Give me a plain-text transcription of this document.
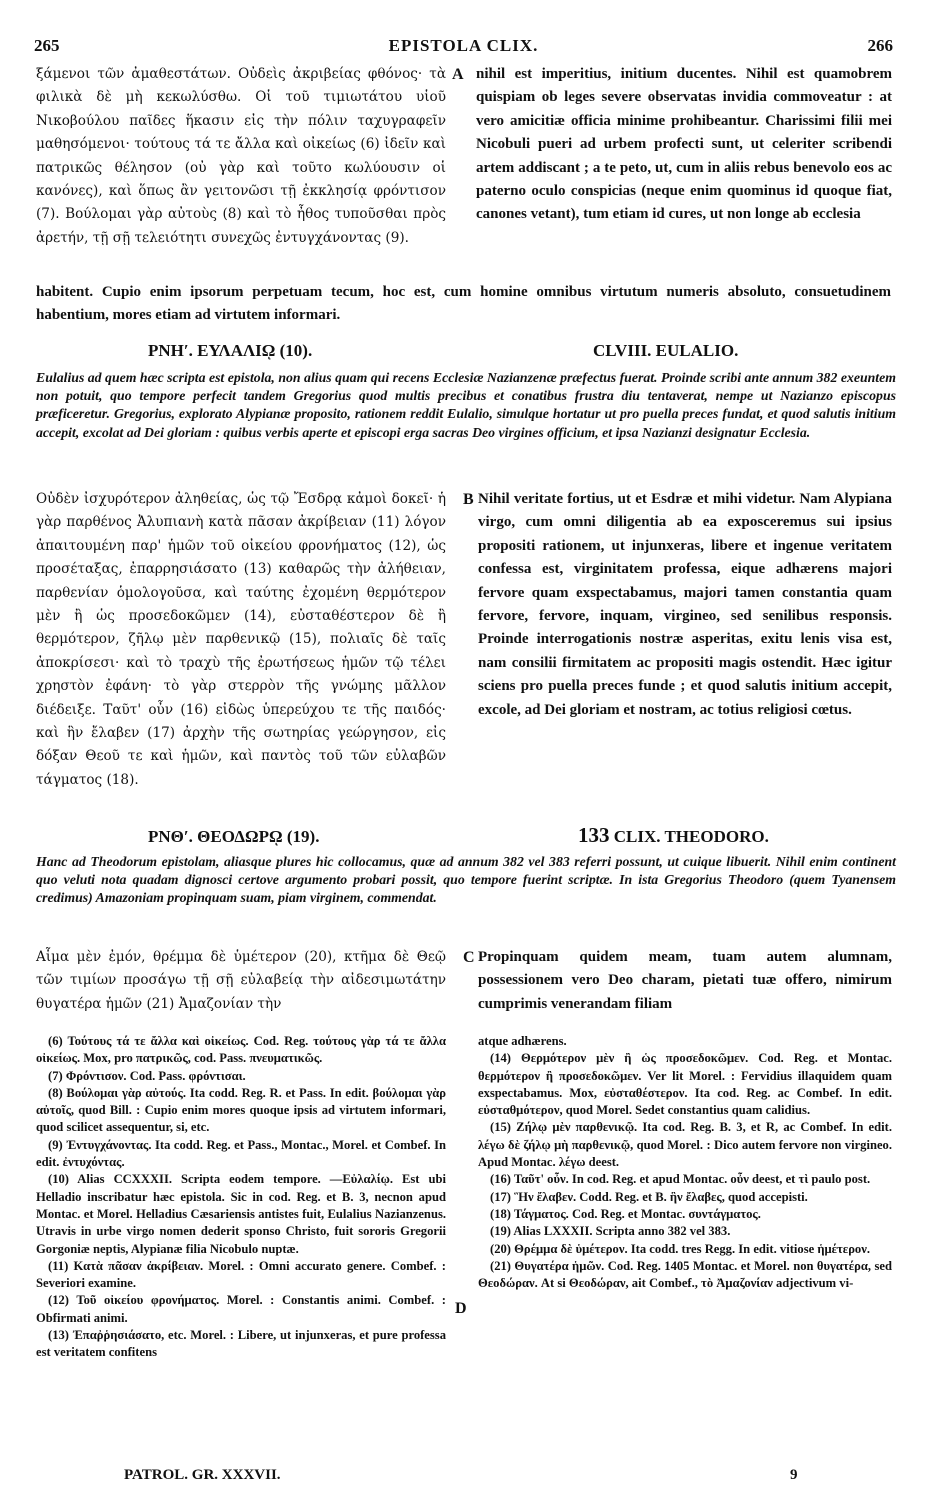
265	EPISTOLA CLIX.	266

ξάμενοι τῶν ἀμαθεστάτων. Οὐδεὶς ἀκριβείας φθόνος· τὰ φιλικὰ δὲ μὴ κεκωλύσθω. Οἱ τοῦ τιμιωτάτου υἱοῦ Νικοβούλου παῖδες ἥκασιν εἰς τὴν πόλιν ταχυγραφεῖν μαθησόμενοι· τούτους τά τε ἄλλα καὶ οἰκείως (6) ἰδεῖν καὶ πατρικῶς θέλησον (οὐ γὰρ καὶ τοῦτο κωλύουσιν οἱ κανόνες), καὶ ὅπως ἂν γειτονῶσι τῇ ἐκκλησίᾳ φρόντισον (7). Βούλομαι γὰρ αὐτοὺς (8) καὶ τὸ ἦθος τυποῦσθαι πρὸς ἀρετήν, τῇ σῇ τελειότητι συνεχῶς ἐντυγχάνοντας (9).

A nihil est imperitius, initium ducentes. Nihil est quamobrem quispiam ob leges severe observatas invidia commoveatur : at vero amicitiæ officia minime prohibeantur. Charissimi filii mei Nicobuli pueri ad urbem profecti sunt, ut celeriter scribendi artem addiscant ; a te peto, ut, cum in aliis rebus benevolo eos ac paterno oculo conspicias (neque enim quominus id quoque fiat, canones vetant), tum etiam id cures, ut non longe ab ecclesia

habitent. Cupio enim ipsorum perpetuam tecum, hoc est, cum homine omnibus virtutum numeris absoluto, consuetudinem habentium, mores etiam ad virtutem informari.
ΡΝΗʹ. ΕΥΛΑΛΙῼ (10).	CLVIII. EULALIO.
Eulalius ad quem hæc scripta est epistola, non alius quam qui recens Ecclesiæ Nazianzenæ præfectus fuerat. Proinde scribi ante annum 382 exeuntem non potuit, quo tempore perfecit tandem Gregorius quod multis precibus et conatibus frustra diu tentaverat, nempe ut Nazianzo episcopus præficeretur. Gregorius, explorato Alypianæ proposito, rationem reddit Eulalio, simulque hortatur ut pro puella preces fundat, et quod salutis initium accepit, excolat ad Dei gloriam : quibus verbis aperte et episcopi erga sacras Deo virgines officium, et ipsa Nazianzi designatur Ecclesia.

Οὐδὲν ἰσχυρότερον ἀληθείας, ὡς τῷ Ἔσδρᾳ κἀμοὶ δοκεῖ· ἡ γὰρ παρθένος Ἀλυπιανὴ κατὰ πᾶσαν ἀκρίβειαν (11) λόγον ἀπαιτουμένη παρ' ἡμῶν τοῦ οἰκείου φρονήματος (12), ὡς προσέταξας, ἐπαρρησιάσατο (13) καθαρῶς τὴν ἀλήθειαν, παρθενίαν ὁμολογοῦσα, καὶ ταύτης ἐχομένη θερμότερον μὲν ἢ ὡς προσεδοκῶμεν (14), εὐσταθέστερον δὲ ἢ θερμότερον, ζῆλῳ μὲν παρθενικῷ (15), πολιαῖς δὲ ταῖς ἀποκρίσεσι· καὶ τὸ τραχὺ τῆς ἐρωτήσεως ἡμῶν τῷ τέλει χρηστὸν ἐφάνη· τὸ γὰρ στερρὸν τῆς γνώμης μᾶλλον διέδειξε. Ταῦτ' οὖν (16) εἰδὼς ὑπερεύχου τε τῆς παιδός· καὶ ἣν ἔλαβεν (17) ἀρχὴν τῆς σωτηρίας γεώργησον, εἰς δόξαν Θεοῦ τε καὶ ἡμῶν, καὶ παντὸς τοῦ τῶν εὐλαβῶν τάγματος (18).

B Nihil veritate fortius, ut et Esdræ et mihi videtur. Nam Alypiana virgo, cum omni diligentia ab ea exposceremus sui ipsius propositi rationem, ut injunxeras, libere et ingenue veritatem confessa est, virginitatem professa, eique adhærens majori fervore quam exspectabamus, majori tamen constantia quam fervore, fervore, inquam, virgineo, sed senilibus responsis. Proinde interrogationis nostræ asperitas, exitu lenis visa est, nam consilii firmitatem ac propositi magis ostendit. Hæc igitur sciens pro puella preces funde ; et quod salutis initium accepit, excole, ad Dei gloriam et nostram, ac totius religiosi cœtus.

ΡΝΘʹ. ΘΕΟΔΩΡῼ (19).	133 CLIX. THEODORO.
Hanc ad Theodorum epistolam, aliasque plures hic collocamus, quæ ad annum 382 vel 383 referri possunt, ut cuique libuerit. Nihil enim continent quo veluti nota quadam dignosci certove argumento probari possit, quo tempore fuerint scriptæ. In ista Gregorius Theodoro (quem Tyanensem credimus) Amazoniam propinquam suam, piam virginem, commendat.

Αἷμα μὲν ἐμόν, θρέμμα δὲ ὑμέτερον (20), κτῆμα δὲ Θεῷ τῶν τιμίων προσάγω τῇ σῇ εὐλαβείᾳ τὴν αἰδεσιμωτάτην θυγατέρα ἡμῶν (21) Ἀμαζονίαν τὴν

C Propinquam quidem meam, tuam autem alumnam, possessionem vero Deo charam, pietati tuæ offero, nimirum cumprimis venerandam filiam

(6) Τούτους τά τε ἄλλα καὶ οἰκείως. Cod. Reg. τούτους γὰρ τά τε ἄλλα οἰκείως. Mox, pro πατρικῶς, cod. Pass. πνευματικῶς.

(7) Φρόντισον. Cod. Pass. φρόντισαι.

(8) Βούλομαι γὰρ αὐτούς. Ita codd. Reg. R. et Pass. In edit. βούλομαι γὰρ αὐτοῖς, quod Bill. : Cupio enim mores quoque ipsis ad virtutem informari, quod scilicet assequentur, si, etc.

(9) Ἐντυγχάνοντας. Ita codd. Reg. et Pass., Montac., Morel. et Combef. In edit. ἐντυχόντας.

(10) Alias CCXXXII. Scripta eodem tempore. —Εὐλαλίῳ. Est ubi Helladio inscribatur hæc epistola. Sic in cod. Reg. et B. 3, necnon apud Montac. et Morel. Helladius Cæsariensis antistes fuit, Eulalius Nazianzenus. Utravis in urbe virgo nomen dederit sponso Christo, fuit sororis Gregorii Gorgoniæ neptis, Alypianæ filia Nicobulo nuptæ.

(11) Κατὰ πᾶσαν ἀκρίβειαν. Morel. : Omni accurato genere. Combef. : Severiori examine.

(12) Τοῦ οἰκείου φρονήματος. Morel. : Constantis animi. Combef. : Obfirmati animi.

(13) Ἐπαῤῥησιάσατο, etc. Morel. : Libere, ut injunxeras, et pure professa est veritatem confitens

D

atque adhærens.

(14) Θερμότερον μὲν ἢ ὡς προσεδοκῶμεν. Cod. Reg. et Montac. θερμότερον ἢ προσεδοκῶμεν. Ver lit Morel. : Fervidius illaquidem quam exspectabamus. Mox, εὐσταθέστερον. Ita cod. Reg. ac Combef. In edit. εὐσταθμότερον, quod Morel. Sedet constantius quam calidius.

(15) Ζήλῳ μὲν παρθενικῷ. Ita cod. Reg. B. 3, et R, ac Combef. In edit. λέγω δὲ ζήλῳ μὴ παρθενικῷ, quod Morel. : Dico autem fervore non virgineo. Apud Montac. λέγω deest.

(16) Ταῦτ' οὖν. In cod. Reg. et apud Montac. οὖν deest, et τὶ paulo post.

(17) Ἣν ἔλαβεν. Codd. Reg. et B. ἣν ἔλαβες, quod accepisti.

(18) Τάγματος. Cod. Reg. et Montac. συντάγματος.

(19) Alias LXXXII. Scripta anno 382 vel 383.

(20) Θρέμμα δὲ ὑμέτερον. Ita codd. tres Regg. In edit. vitiose ἡμέτερον.

(21) Θυγατέρα ἡμῶν. Cod. Reg. 1405 Montac. et Morel. non θυγατέρα, sed Θεοδώραν. At si Θεοδώραν, ait Combef., τὸ Ἀμαζονίαν adjectivum vi-

PATROL. GR. XXXVII.	9
